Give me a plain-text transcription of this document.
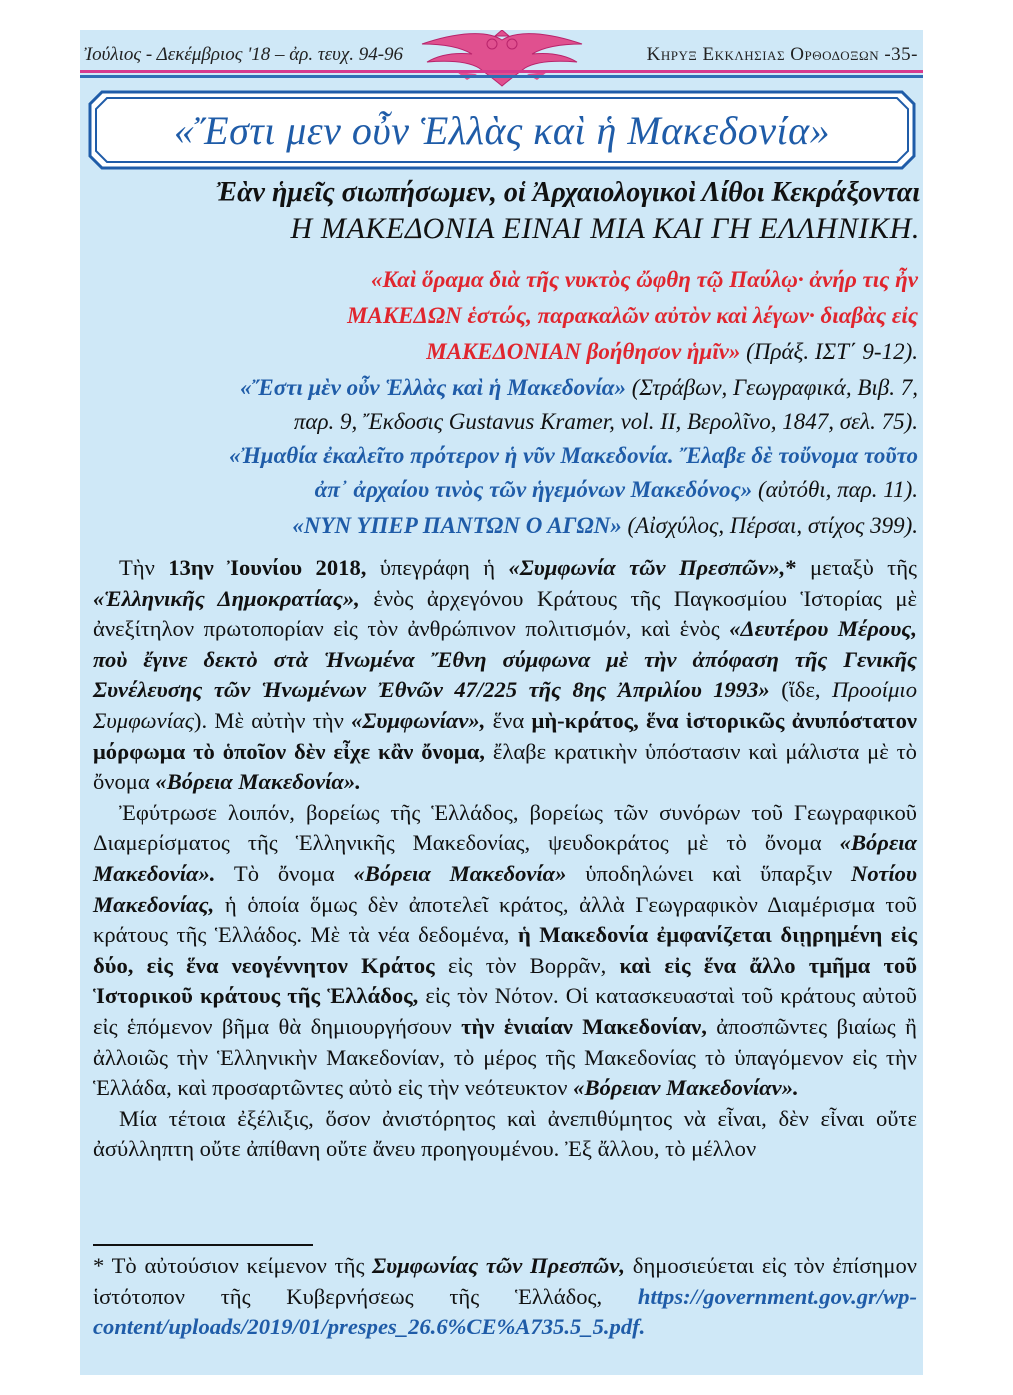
Ἰούλιος - Δεκέμβριος '18 – ἀρ. τευχ. 94-96	Κηρυξ Εκκλησιας Ορθοδοξων -35-
«Ἔστι μεν οὖν Ἑλλὰς καὶ ἡ Μακεδονία»
Ἐὰν ἡμεῖς σιωπήσωμεν, οἱ Ἀρχαιολογικοὶ Λίθοι Κεκράξονται
Η ΜΑΚΕΔΟΝΙΑ ΕΙΝΑΙ ΜΙΑ ΚΑΙ ΓΗ ΕΛΛΗΝΙΚΗ.
«Καὶ ὅραμα διὰ τῆς νυκτὸς ὤφθη τῷ Παύλῳ· ἀνήρ τις ἦν
ΜΑΚΕΔΩΝ ἑστώς, παρακαλῶν αὐτὸν καὶ λέγων· διαβὰς εἰς
ΜΑΚΕΔΟΝΙΑΝ βοήθησον ἡμῖν» (Πράξ. ΙΣΤ΄ 9-12).
«Ἔστι μὲν οὖν Ἑλλὰς καὶ ἡ Μακεδονία» (Στράβων, Γεωγραφικά, Βιβ. 7,
παρ. 9, Ἔκδοσις Gustavus Kramer, vol. II, Βερολῖνο, 1847, σελ. 75).
«Ἠμαθία ἐκαλεῖτο πρότερον ἡ νῦν Μακεδονία. Ἔλαβε δὲ τοὔνομα τοῦτο
ἀπ᾿ ἀρχαίου τινὸς τῶν ἡγεμόνων Μακεδόνος» (αὐτόθι, παρ. 11).
«ΝΥΝ ΥΠΕΡ ΠΑΝΤΩΝ Ο ΑΓΩΝ» (Αἰσχύλος, Πέρσαι, στίχος 399).

Τὴν 13ην Ἰουνίου 2018, ὑπεγράφη ἡ «Συμφωνία τῶν Πρεσπῶν»,* μεταξὺ τῆς «Ἑλληνικῆς Δημοκρατίας», ἑνὸς ἀρχεγόνου Κράτους τῆς Παγκοσμίου Ἱστορίας μὲ ἀνεξίτηλον πρωτοπορίαν εἰς τὸν ἀνθρώπινον πολιτισμόν, καὶ ἑνὸς «Δευτέρου Μέρους, ποὺ ἔγινε δεκτὸ στὰ Ἡνωμένα Ἔθνη σύμφωνα μὲ τὴν ἀπόφαση τῆς Γενικῆς Συνέλευσης τῶν Ἡνωμένων Ἐθνῶν 47/225 τῆς 8ης Ἀπριλίου 1993» (ἴδε, Προοίμιο Συμφωνίας). Μὲ αὐτὴν τὴν «Συμφωνίαν», ἕνα μὴ-κράτος, ἕνα ἱστορικῶς ἀνυπόστατον μόρφωμα τὸ ὁποῖον δὲν εἶχε κἂν ὄνομα, ἔλαβε κρατικὴν ὑπόστασιν καὶ μάλιστα μὲ τὸ ὄνομα «Βόρεια Μακεδονία».

Ἐφύτρωσε λοιπόν, βορείως τῆς Ἑλλάδος, βορείως τῶν συνόρων τοῦ Γεωγραφικοῦ Διαμερίσματος τῆς Ἑλληνικῆς Μακεδονίας, ψευδοκράτος μὲ τὸ ὄνομα «Βόρεια Μακεδονία». Τὸ ὄνομα «Βόρεια Μακεδονία» ὑποδηλώνει καὶ ὕπαρξιν Νοτίου Μακεδονίας, ἡ ὁποία ὅμως δὲν ἀποτελεῖ κράτος, ἀλλὰ Γεωγραφικὸν Διαμέρισμα τοῦ κράτους τῆς Ἑλλάδος. Μὲ τὰ νέα δεδομένα, ἡ Μακεδονία ἐμφανίζεται διῃρημένη εἰς δύο, εἰς ἕνα νεογέννητον Κράτος εἰς τὸν Βορρᾶν, καὶ εἰς ἕνα ἄλλο τμῆμα τοῦ Ἱστορικοῦ κράτους τῆς Ἑλλάδος, εἰς τὸν Νότον. Οἱ κατασκευασταὶ τοῦ κράτους αὐτοῦ εἰς ἑπόμενον βῆμα θὰ δημιουργήσουν τὴν ἑνιαίαν Μακεδονίαν, ἀποσπῶντες βιαίως ἢ ἀλλοιῶς τὴν Ἑλληνικὴν Μακεδονίαν, τὸ μέρος τῆς Μακεδονίας τὸ ὑπαγόμενον εἰς τὴν Ἑλλάδα, καὶ προσαρτῶντες αὐτὸ εἰς τὴν νεότευκτον «Βόρειαν Μακεδονίαν».

Μία τέτοια ἐξέλιξις, ὅσον ἀνιστόρητος καὶ ἀνεπιθύμητος νὰ εἶναι, δὲν εἶναι οὔτε ἀσύλληπτη οὔτε ἀπίθανη οὔτε ἄνευ προηγουμένου. Ἐξ ἄλλου, τὸ μέλλον

* Τὸ αὐτούσιον κείμενον τῆς Συμφωνίας τῶν Πρεσπῶν, δημοσιεύεται εἰς τὸν ἐπίσημον ἱστότοπον τῆς Κυβερνήσεως τῆς Ἑλλάδος, https://government.gov.gr/wp-content/uploads/2019/01/prespes_26.6%CE%A735.5_5.pdf.
